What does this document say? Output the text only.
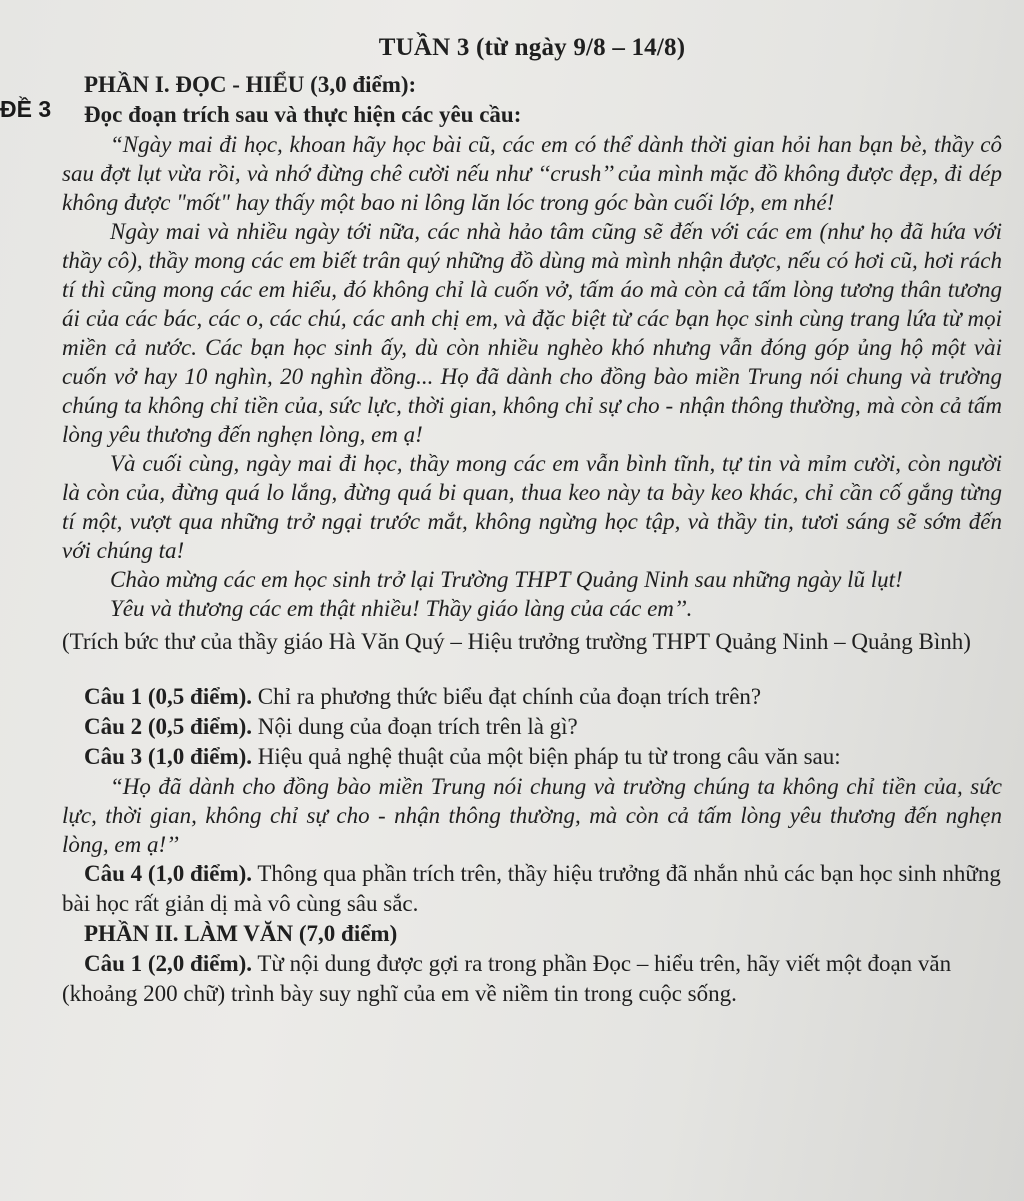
ĐỀ 3

TUẦN 3 (từ ngày 9/8 – 14/8)

PHẦN I. ĐỌC - HIỂU (3,0 điểm):

Đọc đoạn trích sau và thực hiện các yêu cầu:

“Ngày mai đi học, khoan hãy học bài cũ, các em có thể dành thời gian hỏi han bạn bè, thầy cô sau đợt lụt vừa rồi, và nhớ đừng chê cười nếu như ‘‘crush’’ của mình mặc đồ không được đẹp, đi dép không được "mốt" hay thấy một bao ni lông lăn lóc trong góc bàn cuối lớp, em nhé!

Ngày mai và nhiều ngày tới nữa, các nhà hảo tâm cũng sẽ đến với các em (như họ đã hứa với thầy cô), thầy mong các em biết trân quý những đồ dùng mà mình nhận được, nếu có hơi cũ, hơi rách tí thì cũng mong các em hiểu, đó không chỉ là cuốn vở, tấm áo mà còn cả tấm lòng tương thân tương ái của các bác, các o, các chú, các anh chị em, và đặc biệt từ các bạn học sinh cùng trang lứa từ mọi miền cả nước. Các bạn học sinh ấy, dù còn nhiều nghèo khó nhưng vẫn đóng góp ủng hộ một vài cuốn vở hay 10 nghìn, 20 nghìn đồng... Họ đã dành cho đồng bào miền Trung nói chung và trường chúng ta không chỉ tiền của, sức lực, thời gian, không chỉ sự cho - nhận thông thường, mà còn cả tấm lòng yêu thương đến nghẹn lòng, em ạ!

Và cuối cùng, ngày mai đi học, thầy mong các em vẫn bình tĩnh, tự tin và mỉm cười, còn người là còn của, đừng quá lo lắng, đừng quá bi quan, thua keo này ta bày keo khác, chỉ cần cố gắng từng tí một, vượt qua những trở ngại trước mắt, không ngừng học tập, và thầy tin, tươi sáng sẽ sớm đến với chúng ta!

Chào mừng các em học sinh trở lại Trường THPT Quảng Ninh sau những ngày lũ lụt!

Yêu và thương các em thật nhiều! Thầy giáo làng của các em’’.

(Trích bức thư của thầy giáo Hà Văn Quý – Hiệu trưởng trường THPT Quảng Ninh – Quảng Bình)

Câu 1 (0,5 điểm). Chỉ ra phương thức biểu đạt chính của đoạn trích trên?

Câu 2 (0,5 điểm). Nội dung của đoạn trích trên là gì?

Câu 3 (1,0 điểm). Hiệu quả nghệ thuật của một biện pháp tu từ trong câu văn sau:

“Họ đã dành cho đồng bào miền Trung nói chung và trường chúng ta không chỉ tiền của, sức lực, thời gian, không chỉ sự cho - nhận thông thường, mà còn cả tấm lòng yêu thương đến nghẹn lòng, em ạ!’’

Câu 4 (1,0 điểm). Thông qua phần trích trên, thầy hiệu trưởng đã nhắn nhủ các bạn học sinh những bài học rất giản dị mà vô cùng sâu sắc.

PHẦN II. LÀM VĂN (7,0 điểm)

Câu 1 (2,0 điểm). Từ nội dung được gợi ra trong phần Đọc – hiểu trên, hãy viết một đoạn văn (khoảng 200 chữ) trình bày suy nghĩ của em về niềm tin trong cuộc sống.
